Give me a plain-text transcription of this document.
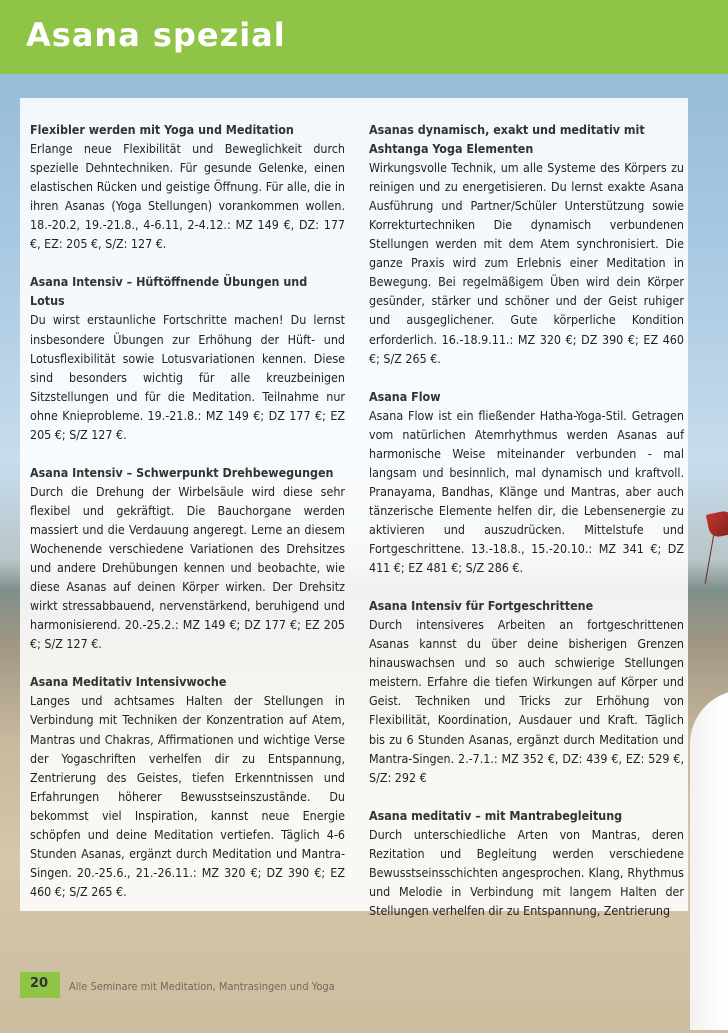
Asana spezial
Flexibler werden mit Yoga und Meditation

Erlange neue Flexibilität und Beweglichkeit durch spezielle Dehntechniken. Für gesunde Gelenke, einen elastischen Rücken und geistige Öffnung. Für alle, die in ihren Asanas (Yoga Stellungen) vorankommen wollen. 18.-20.2, 19.-21.8., 4-6.11, 2-4.12.: MZ 149 €, DZ: 177 €, EZ: 205 €, S/Z: 127 €.

Asana Intensiv – Hüftöffnende Übungen und Lotus

Du wirst erstaunliche Fortschritte machen! Du lernst insbesondere Übungen zur Erhöhung der Hüft- und Lotusflexibilität sowie Lotusvariationen kennen. Diese sind besonders wichtig für alle kreuzbeinigen Sitzstellungen und für die Meditation. Teilnahme nur ohne Knieprobleme. 19.-21.8.: MZ 149 €; DZ 177 €; EZ 205 €; S/Z 127 €.

Asana Intensiv – Schwerpunkt Drehbewegungen

Durch die Drehung der Wirbelsäule wird diese sehr flexibel und gekräftigt. Die Bauchorgane werden massiert und die Verdauung angeregt. Lerne an diesem Wochenende verschiedene Variationen des Drehsitzes und andere Drehübungen kennen und beobachte, wie diese Asanas auf deinen Körper wirken. Der Drehsitz wirkt stressabbauend, nervenstärkend, beruhigend und harmonisierend. 20.-25.2.: MZ 149 €; DZ 177 €; EZ 205 €; S/Z 127 €.

Asana Meditativ Intensivwoche

Langes und achtsames Halten der Stellungen in Verbindung mit Techniken der Konzentration auf Atem, Mantras und Chakras, Affirmationen und wichtige Verse der Yogaschriften verhelfen dir zu Entspannung, Zentrierung des Geistes, tiefen Erkenntnissen und Erfahrungen höherer Bewusstseinszustände. Du bekommst viel Inspiration, kannst neue Energie schöpfen und deine Meditation vertiefen. Täglich 4-6 Stunden Asanas, ergänzt durch Meditation und Mantra-Singen. 20.-25.6., 21.-26.11.: MZ 320 €; DZ 390 €; EZ 460 €; S/Z 265 €.

Asanas dynamisch, exakt und meditativ mit Ashtanga Yoga Elementen

Wirkungsvolle Technik, um alle Systeme des Körpers zu reinigen und zu energetisieren. Du lernst exakte Asana Ausführung und Partner/Schüler Unterstützung sowie Korrekturtechniken Die dynamisch verbundenen Stellungen werden mit dem Atem synchronisiert. Die ganze Praxis wird zum Erlebnis einer Meditation in Bewegung. Bei regelmäßigem Üben wird dein Körper gesünder, stärker und schöner und der Geist ruhiger und ausgeglichener. Gute körperliche Kondition erforderlich. 16.-18.9.11.: MZ 320 €; DZ 390 €; EZ 460 €; S/Z 265 €.

Asana Flow

Asana Flow ist ein fließender Hatha-Yoga-Stil. Getragen vom natürlichen Atemrhythmus werden Asanas auf harmonische Weise miteinander verbunden - mal langsam und besinnlich, mal dynamisch und kraftvoll. Pranayama, Bandhas, Klänge und Mantras, aber auch tänzerische Elemente helfen dir, die Lebensenergie zu aktivieren und auszudrücken. Mittelstufe und Fortgeschrittene. 13.-18.8., 15.-20.10.: MZ 341 €; DZ 411 €; EZ 481 €; S/Z 286 €.

Asana Intensiv für Fortgeschrittene

Durch intensiveres Arbeiten an fortgeschrittenen Asanas kannst du über deine bisherigen Grenzen hinauswachsen und so auch schwierige Stellungen meistern. Erfahre die tiefen Wirkungen auf Körper und Geist. Techniken und Tricks zur Erhöhung von Flexibilität, Koordination, Ausdauer und Kraft. Täglich bis zu 6 Stunden Asanas, ergänzt durch Meditation und Mantra-Singen. 2.-7.1.: MZ 352 €, DZ: 439 €, EZ: 529 €, S/Z: 292 €

Asana meditativ – mit Mantrabegleitung

Durch unterschiedliche Arten von Mantras, deren Rezitation und Begleitung werden verschiedene Bewusstseinsschichten angesprochen. Klang, Rhythmus und Melodie in Verbindung mit langem Halten der Stellungen verhelfen dir zu Entspannung, Zentrierung

20 Alle Seminare mit Meditation, Mantrasingen und Yoga
